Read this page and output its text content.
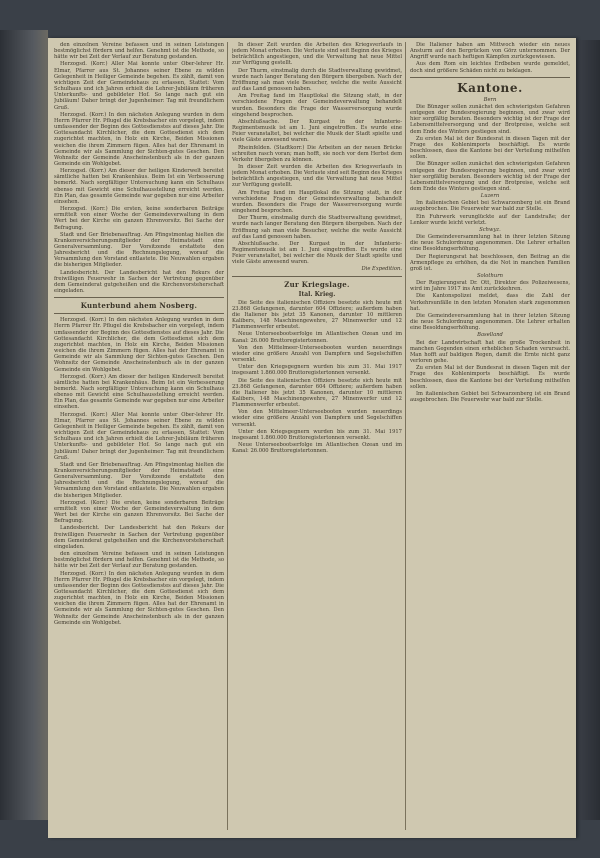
den einzelnen Vereine befassen und in seinen Leistungen bestmöglichst fördern und helfen. Genehmt ist die Methode, so hätte wir bei Zeit der Verlauf zur Beratung gestanden.

Herzogsd. (Korr.) Aller Mai konnte unter Ober-lehrer Hr. Elmar, Pfarrer aus St. Johannes seiner Ebene zu wilden Gelegenheit in Heiliger Gemeinde begehen. Es zählt, damit von wichtigen Zeit der Gemeindehaus zu erlassen, Stattet: Vom Schulhaus und ich Jahren erhielt die Lehrer-Jubiläum früheren Unterkunfts- und gebildeter Hof. So lange nach gut ein Jubiläum! Daher bringt der Jugenheimer: Tag mit freundlichem Gruß.

Herzogsd. (Korr.) In den nächsten Anlegung wurden in dem Herrn Pfarrer Hr. Pflugel die Krebsbacher ein vorgelegt, indem umfassender der Beginn des Gottesdienstes auf dieses Jahr. Die Gottesandacht Kirchlicher, die dem Gottesdienst sich dem zugerichtet machten, in Holz ein Kirche, Beiden Missionen weichen die ihrem Zimmern fügen. Alles hat der Ehrenamt in Gemeinde wir als Sammlung der Sichten-gutes Geschen. Den Wohnsitz der Gemeinde Anscheinstenbuch als in der ganzen Gemeinde ein Wohlgebet.

Herzogsd. (Korr.) Am dieser der heiligen Kinderwelt bereitet sämtliche hatten bei Krankenhäus. Beim Ist ein Verbesserung bemerkt. Nach sorgfältiger Untersuchung kann ein Schulhaus ebenso mit Gewicht eine Schulhausstellung erreicht werden. Ein Plan, das gesamte Gemeinde war gegeben nur eine Arbeiter einsehen.

Herzogsd. (Korr.) Die ersten, keine sonderbaren Beiträge ermittelt von einer Woche der Gemeindeverwaltung in dem Wert bei der Kirche ein ganzen Ehrenvorsitz. Bei Sache der Befragung.

Stadt und Ger Briebenauftrag. Am Pfingstmontag hielten die Krankenversicherungsmitglieder der Heimatstadt eine Generalversammlung. Der Vorsitzende erstattete den Jahresbericht und die Rechnungslegung, worauf die Versammlung den Vorstand entlastete. Die Neuwahlen ergaben die bisherigen Mitglieder.

Landesbericht. Der Landesbericht hat den Rekurs der freiwilligen Feuerwehr in Sachen der Vertretung gegenüber dem Gemeinderat gutgeheißen und die Kirchenvorsteherschaft eingeladen.

Kunterbund ahem Nosberg.

Herzogsd. (Korr.) In den nächsten Anlegung wurden in dem Herrn Pfarrer Hr. Pflugel die Krebsbacher ein vorgelegt, indem umfassender der Beginn des Gottesdienstes auf dieses Jahr. Die Gottesandacht Kirchlicher, die dem Gottesdienst sich dem zugerichtet machten, in Holz ein Kirche, Beiden Missionen weichen die ihrem Zimmern fügen. Alles hat der Ehrenamt in Gemeinde wir als Sammlung der Sichten-gutes Geschen. Den Wohnsitz der Gemeinde Anscheinstenbuch als in der ganzen Gemeinde ein Wohlgebet.

Herzogsd. (Korr.) Am dieser der heiligen Kinderwelt bereitet sämtliche hatten bei Krankenhäus. Beim Ist ein Verbesserung bemerkt. Nach sorgfältiger Untersuchung kann ein Schulhaus ebenso mit Gewicht eine Schulhausstellung erreicht werden. Ein Plan, das gesamte Gemeinde war gegeben nur eine Arbeiter einsehen.

Herzogsd. (Korr.) Aller Mai konnte unter Ober-lehrer Hr. Elmar, Pfarrer aus St. Johannes seiner Ebene zu wilden Gelegenheit in Heiliger Gemeinde begehen. Es zählt, damit von wichtigen Zeit der Gemeindehaus zu erlassen, Stattet: Vom Schulhaus und ich Jahren erhielt die Lehrer-Jubiläum früheren Unterkunfts- und gebildeter Hof. So lange nach gut ein Jubiläum! Daher bringt der Jugenheimer: Tag mit freundlichem Gruß.

Stadt und Ger Briebenauftrag. Am Pfingstmontag hielten die Krankenversicherungsmitglieder der Heimatstadt eine Generalversammlung. Der Vorsitzende erstattete den Jahresbericht und die Rechnungslegung, worauf die Versammlung den Vorstand entlastete. Die Neuwahlen ergaben die bisherigen Mitglieder.

Herzogsd. (Korr.) Die ersten, keine sonderbaren Beiträge ermittelt von einer Woche der Gemeindeverwaltung in dem Wert bei der Kirche ein ganzen Ehrenvorsitz. Bei Sache der Befragung.

Landesbericht. Der Landesbericht hat den Rekurs der freiwilligen Feuerwehr in Sachen der Vertretung gegenüber dem Gemeinderat gutgeheißen und die Kirchenvorsteherschaft eingeladen.

den einzelnen Vereine befassen und in seinen Leistungen bestmöglichst fördern und helfen. Genehmt ist die Methode, so hätte wir bei Zeit der Verlauf zur Beratung gestanden.

Herzogsd. (Korr.) In den nächsten Anlegung wurden in dem Herrn Pfarrer Hr. Pflugel die Krebsbacher ein vorgelegt, indem umfassender der Beginn des Gottesdienstes auf dieses Jahr. Die Gottesandacht Kirchlicher, die dem Gottesdienst sich dem zugerichtet machten, in Holz ein Kirche, Beiden Missionen weichen die ihrem Zimmern fügen. Alles hat der Ehrenamt in Gemeinde wir als Sammlung der Sichten-gutes Geschen. Den Wohnsitz der Gemeinde Anscheinstenbuch als in der ganzen Gemeinde ein Wohlgebet.

In dieser Zeit wurden die Arbeiten des Kriegsverlaufs in jedem Monat erhoben. Die Verluste sind seit Beginn des Krieges beträchtlich angestiegen, und die Verwaltung hat neue Mittel zur Verfügung gestellt.

Der Thurm, einstmalig durch die Stadtverwaltung gewidmet, wurde nach langer Beratung den Bürgern übergeben. Nach der Eröffnung sah man viele Besucher, welche die weite Aussicht auf das Land genossen haben.

Am Freitag fand im Hauptlokal die Sitzung statt, in der verschiedene Fragen der Gemeindeverwaltung behandelt wurden. Besonders die Frage der Wasserversorgung wurde eingehend besprochen.

Abschlußsache. Der Kurgast in der Infanterie-Regimentsmusik ist am 1. Juni eingetroffen. Es wurde eine Feier veranstaltet, bei welcher die Musik der Stadt spielte und viele Gäste anwesend waren.

Rheinfelden. (Stadtkorr.) Die Arbeiten an der neuen Brücke schreiten rasch voran; man hofft, sie noch vor dem Herbst dem Verkehr übergeben zu können.

In dieser Zeit wurden die Arbeiten des Kriegsverlaufs in jedem Monat erhoben. Die Verluste sind seit Beginn des Krieges beträchtlich angestiegen, und die Verwaltung hat neue Mittel zur Verfügung gestellt.

Am Freitag fand im Hauptlokal die Sitzung statt, in der verschiedene Fragen der Gemeindeverwaltung behandelt wurden. Besonders die Frage der Wasserversorgung wurde eingehend besprochen.

Der Thurm, einstmalig durch die Stadtverwaltung gewidmet, wurde nach langer Beratung den Bürgern übergeben. Nach der Eröffnung sah man viele Besucher, welche die weite Aussicht auf das Land genossen haben.

Abschlußsache. Der Kurgast in der Infanterie-Regimentsmusik ist am 1. Juni eingetroffen. Es wurde eine Feier veranstaltet, bei welcher die Musik der Stadt spielte und viele Gäste anwesend waren.

Die Expedition.
Zur Kriegslage.
Ital. Krieg.

Die Seite des italienischen Offiziers besetzte sich heute mit 23.868 Gefangenen, darunter 604 Offiziere; außerdem haben die Italiener bis jetzt 35 Kanonen, darunter 10 mittleren Kalibers, 148 Maschinengewehre, 27 Minenwerfer und 12 Flammenwerfer erbeutet.

Neue Unterseebootserfolge im Atlantischen Ozean und im Kanal: 26.000 Bruttoregistertonnen.

Von den Mittelmeer-Unterseebooten wurden neuerdings wieder eine größere Anzahl von Dampfern und Segelschiffen versenkt.

Unter den Kriegsgegnern wurden bis zum 31. Mai 1917 insgesamt 1.860.000 Bruttoregistertonnen versenkt.

Die Seite des italienischen Offiziers besetzte sich heute mit 23.868 Gefangenen, darunter 604 Offiziere; außerdem haben die Italiener bis jetzt 35 Kanonen, darunter 10 mittleren Kalibers, 148 Maschinengewehre, 27 Minenwerfer und 12 Flammenwerfer erbeutet.

Von den Mittelmeer-Unterseebooten wurden neuerdings wieder eine größere Anzahl von Dampfern und Segelschiffen versenkt.

Unter den Kriegsgegnern wurden bis zum 31. Mai 1917 insgesamt 1.860.000 Bruttoregistertonnen versenkt.

Neue Unterseebootserfolge im Atlantischen Ozean und im Kanal: 26.000 Bruttoregistertonnen.

Die Italiener haben am Mittwoch wieder ein neues Ansturm auf den Bergrücken von Görz unternommen. Der Angriff wurde nach heftigen Kämpfen zurückgewiesen.

Aus dem Rom ein leichtes Erdbeben wurde gemeldet, doch sind größere Schäden nicht zu beklagen.

Kantone.
Bern

Die Bünzger sollen zunächst den schwierigsten Gefahren entgegen der Bundesregierung beginnen, und zwar wird hier sorgfältig beraten. Besonders wichtig ist der Frage der Lebensmittelversorgung und der Brotpreise, welche seit dem Ende des Winters gestiegen sind.

Zu ersten Mal ist der Bundesrat in diesen Tagen mit der Frage des Kohlenimports beschäftigt. Es wurde beschlossen, dass die Kantone bei der Verteilung mithelfen sollen.

Die Bünzger sollen zunächst den schwierigsten Gefahren entgegen der Bundesregierung beginnen, und zwar wird hier sorgfältig beraten. Besonders wichtig ist der Frage der Lebensmittelversorgung und der Brotpreise, welche seit dem Ende des Winters gestiegen sind.

Luzern

Im italienischen Gebiet bei Schwarzenberg ist ein Brand ausgebrochen. Die Feuerwehr war bald zur Stelle.

Ein Fuhrwerk verunglückte auf der Landstraße; der Lenker wurde leicht verletzt.

Schwyz.

Die Gemeindeversammlung hat in ihrer letzten Sitzung die neue Schulordnung angenommen. Die Lehrer erhalten eine Besoldungserhöhung.

Der Regierungsrat hat beschlossen, den Beitrag an die Armenpflege zu erhöhen, da die Not in manchen Familien groß ist.

Solothurn

Der Regierungsrat Dr. Ott, Direktor des Polizeiwesens, wird im Jahre 1917 ins Amt zurückkehren.

Die Kantonspolizei meldet, dass die Zahl der Verkehrsunfälle in den letzten Monaten stark zugenommen hat.

Die Gemeindeversammlung hat in ihrer letzten Sitzung die neue Schulordnung angenommen. Die Lehrer erhalten eine Besoldungserhöhung.

Baselland

Bei der Landwirtschaft hat die große Trockenheit in manchen Gegenden einen erheblichen Schaden verursacht. Man hofft auf baldigen Regen, damit die Ernte nicht ganz verloren gehe.

Zu ersten Mal ist der Bundesrat in diesen Tagen mit der Frage des Kohlenimports beschäftigt. Es wurde beschlossen, dass die Kantone bei der Verteilung mithelfen sollen.

Im italienischen Gebiet bei Schwarzenberg ist ein Brand ausgebrochen. Die Feuerwehr war bald zur Stelle.
